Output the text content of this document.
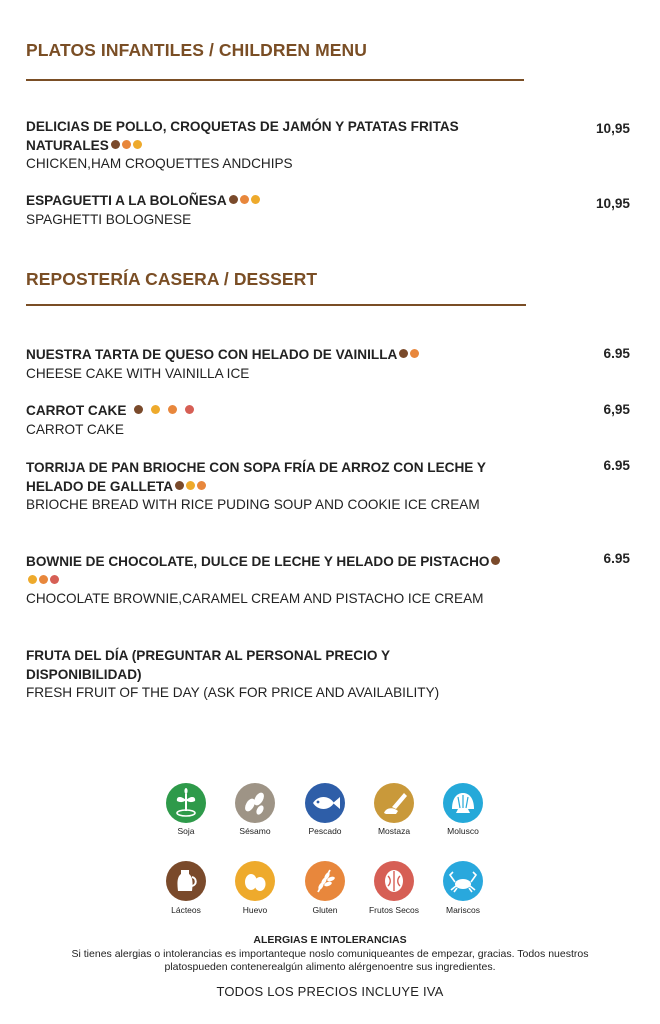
PLATOS INFANTILES / CHILDREN MENU
DELICIAS DE POLLO, CROQUETAS DE JAMÓN Y PATATAS FRITAS NATURALES
CHICKEN,HAM CROQUETTES ANDCHIPS
10,95
ESPAGUETTI A LA BOLOÑESA
SPAGHETTI BOLOGNESE
10,95
REPOSTERÍA CASERA / DESSERT
NUESTRA TARTA DE QUESO CON HELADO DE VAINILLA
CHEESE CAKE WITH VAINILLA ICE
6.95
CARROT CAKE
CARROT CAKE
6,95
TORRIJA DE PAN BRIOCHE CON SOPA FRÍA DE ARROZ CON LECHE Y HELADO DE GALLETA
BRIOCHE BREAD WITH RICE PUDING SOUP AND COOKIE ICE CREAM
6.95
BOWNIE DE CHOCOLATE, DULCE DE LECHE Y HELADO DE PISTACHO
CHOCOLATE BROWNIE,CARAMEL CREAM AND PISTACHO ICE CREAM
6.95
FRUTA DEL DÍA (PREGUNTAR AL PERSONAL PRECIO Y DISPONIBILIDAD)
FRESH FRUIT OF THE DAY (ASK FOR PRICE AND AVAILABILITY)
Soja	Sésamo	Pescado	Mostaza	Molusco
Lácteos	Huevo	Gluten	Frutos Secos	Mariscos
ALERGIAS E INTOLERANCIAS
Si tienes alergias o intolerancias es importanteque noslo comuniqueantes de empezar, gracias. Todos nuestros platospueden contenerealgún alimento alérgenoentre sus ingredientes.
TODOS LOS PRECIOS INCLUYE IVA
